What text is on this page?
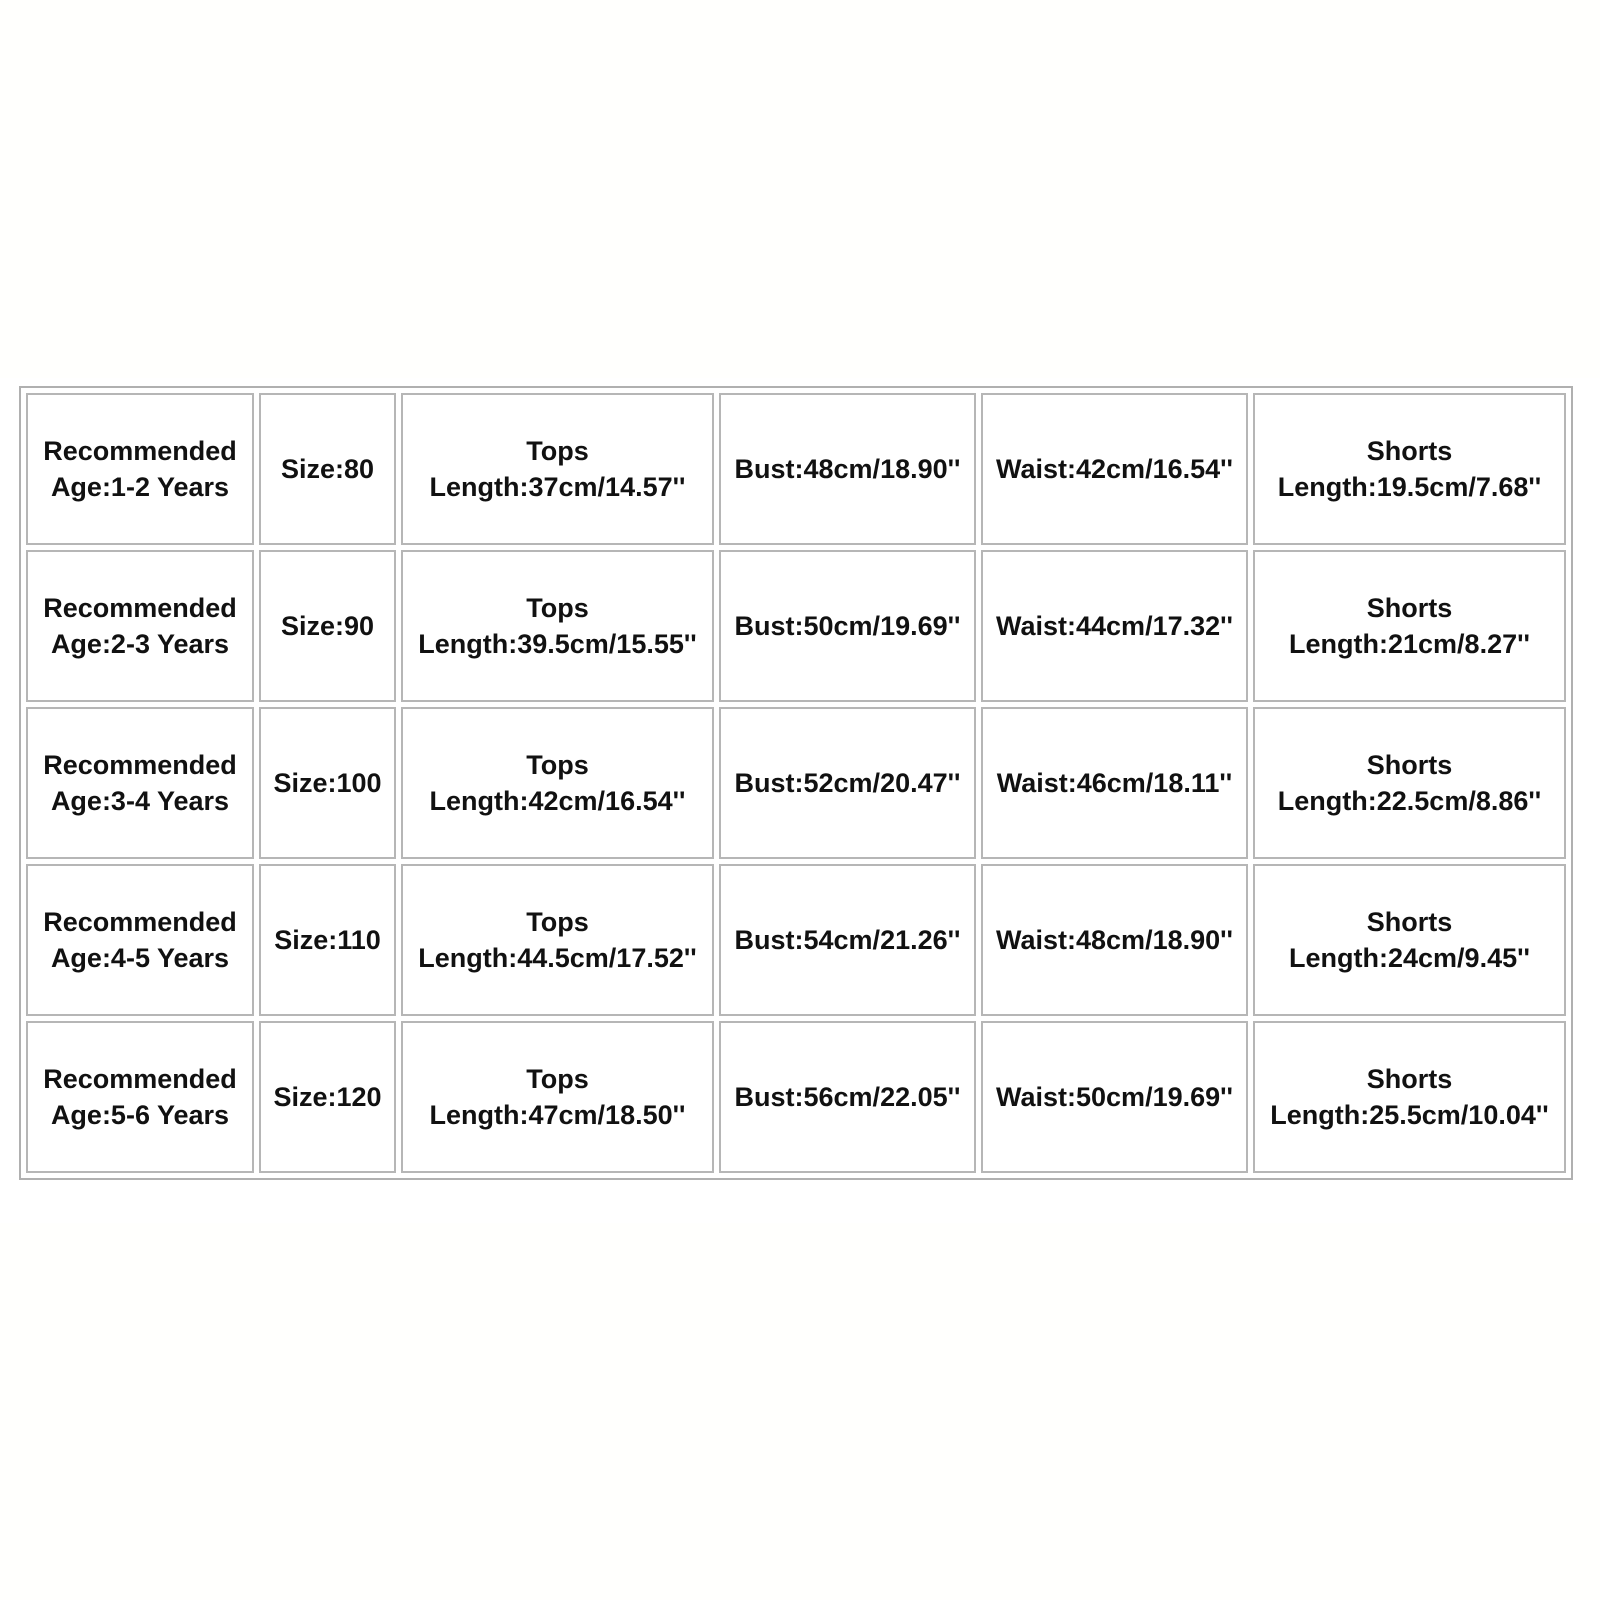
Recommended
Age:1-2 Years	Size:80	Tops
Length:37cm/14.57''	Bust:48cm/18.90''	Waist:42cm/16.54''	Shorts
Length:19.5cm/7.68''

Recommended
Age:2-3 Years	Size:90	Tops
Length:39.5cm/15.55''	Bust:50cm/19.69''	Waist:44cm/17.32''	Shorts
Length:21cm/8.27''

Recommended
Age:3-4 Years	Size:100	Tops
Length:42cm/16.54''	Bust:52cm/20.47''	Waist:46cm/18.11''	Shorts
Length:22.5cm/8.86''

Recommended
Age:4-5 Years	Size:110	Tops
Length:44.5cm/17.52''	Bust:54cm/21.26''	Waist:48cm/18.90''	Shorts
Length:24cm/9.45''

Recommended
Age:5-6 Years	Size:120	Tops
Length:47cm/18.50''	Bust:56cm/22.05''	Waist:50cm/19.69''	Shorts
Length:25.5cm/10.04''
